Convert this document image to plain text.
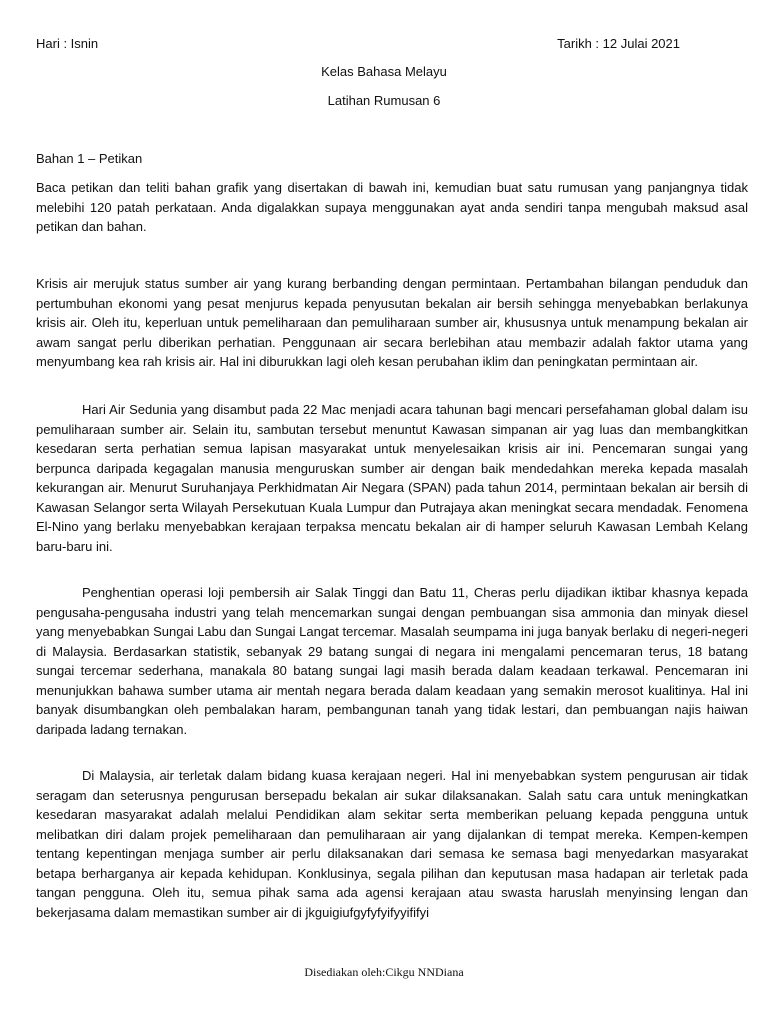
Hari : Isnin	Tarikh : 12 Julai 2021
Kelas Bahasa Melayu
Latihan Rumusan 6
Bahan 1 – Petikan

Baca petikan dan teliti bahan grafik yang disertakan di bawah ini, kemudian buat satu rumusan yang panjangnya tidak melebihi 120 patah perkataan. Anda digalakkan supaya menggunakan ayat anda sendiri tanpa mengubah maksud asal petikan dan bahan.

Krisis air merujuk status sumber air yang kurang berbanding dengan permintaan. Pertambahan bilangan penduduk dan pertumbuhan ekonomi yang pesat menjurus kepada penyusutan bekalan air bersih sehingga menyebabkan berlakunya krisis air. Oleh itu, keperluan untuk pemeliharaan dan pemuliharaan sumber air, khususnya untuk menampung bekalan air awam sangat perlu diberikan perhatian. Penggunaan air secara berlebihan atau membazir adalah faktor utama yang menyumbang kea rah krisis air. Hal ini diburukkan lagi oleh kesan perubahan iklim dan peningkatan permintaan air.

Hari Air Sedunia yang disambut pada 22 Mac menjadi acara tahunan bagi mencari persefahaman global dalam isu pemuliharaan sumber air. Selain itu, sambutan tersebut menuntut Kawasan simpanan air yag luas dan membangkitkan kesedaran serta perhatian semua lapisan masyarakat untuk menyelesaikan krisis air ini. Pencemaran sungai yang berpunca daripada kegagalan manusia menguruskan sumber air dengan baik mendedahkan mereka kepada masalah kekurangan air. Menurut Suruhanjaya Perkhidmatan Air Negara (SPAN) pada tahun 2014, permintaan bekalan air bersih di Kawasan Selangor serta Wilayah Persekutuan Kuala Lumpur dan Putrajaya akan meningkat secara mendadak. Fenomena El-Nino yang berlaku menyebabkan kerajaan terpaksa mencatu bekalan air di hamper seluruh Kawasan Lembah Kelang baru-baru ini.

Penghentian operasi loji pembersih air Salak Tinggi dan Batu 11, Cheras perlu dijadikan iktibar khasnya kepada pengusaha-pengusaha industri yang telah mencemarkan sungai dengan pembuangan sisa ammonia dan minyak diesel yang menyebabkan Sungai Labu dan Sungai Langat tercemar. Masalah seumpama ini juga banyak berlaku di negeri-negeri di Malaysia. Berdasarkan statistik, sebanyak 29 batang sungai di negara ini mengalami pencemaran terus, 18 batang sungai tercemar sederhana, manakala 80 batang sungai lagi masih berada dalam keadaan terkawal. Pencemaran ini menunjukkan bahawa sumber utama air mentah negara berada dalam keadaan yang semakin merosot kualitinya. Hal ini banyak disumbangkan oleh pembalakan haram, pembangunan tanah yang tidak lestari, dan pembuangan najis haiwan daripada ladang ternakan.

Di Malaysia, air terletak dalam bidang kuasa kerajaan negeri. Hal ini menyebabkan system pengurusan air tidak seragam dan seterusnya pengurusan bersepadu bekalan air sukar dilaksanakan. Salah satu cara untuk meningkatkan kesedaran masyarakat adalah melalui Pendidikan alam sekitar serta memberikan peluang kepada pengguna untuk melibatkan diri dalam projek pemeliharaan dan pemuliharaan air yang dijalankan di tempat mereka. Kempen-kempen tentang kepentingan menjaga sumber air perlu dilaksanakan dari semasa ke semasa bagi menyedarkan masyarakat betapa berharganya air kepada kehidupan. Konklusinya, segala pilihan dan keputusan masa hadapan air terletak pada tangan pengguna. Oleh itu, semua pihak sama ada agensi kerajaan atau swasta haruslah menyinsing lengan dan bekerjasama dalam memastikan sumber air di jkguigiufgyfyfyifyyififyi

Disediakan oleh:Cikgu NNDiana
